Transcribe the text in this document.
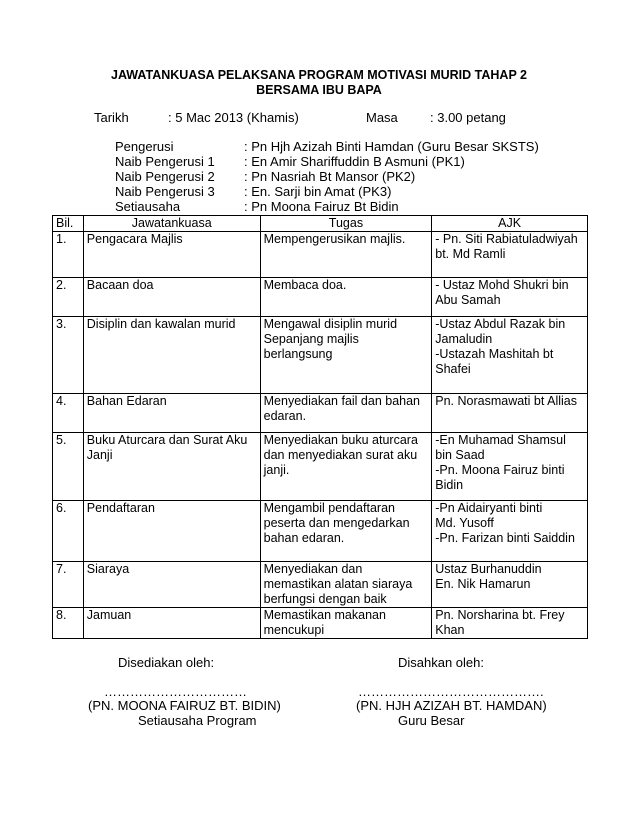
JAWATANKUASA PELAKSANA PROGRAM MOTIVASI MURID TAHAP 2
BERSAMA IBU BAPA
Tarikh	: 5 Mac 2013 (Khamis)	Masa : 3.00 petang
Pengerusi	: Pn Hjh Azizah Binti Hamdan (Guru Besar SKSTS)
Naib Pengerusi 1 : En Amir Shariffuddin B Asmuni (PK1)
Naib Pengerusi 2 : Pn Nasriah Bt Mansor (PK2)
Naib Pengerusi 3 : En. Sarji bin Amat (PK3)
Setiausaha	: Pn Moona Fairuz Bt Bidin
Bil.	Jawatankuasa	Tugas	AJK
1.	Pengacara Majlis	Mempengerusikan majlis.	- Pn. Siti Rabiatuladwiyah
bt. Md Ramli

2.	Bacaan doa	Membaca doa.	- Ustaz Mohd Shukri bin
Abu Samah

3.	Disiplin dan kawalan murid	Mengawal disiplin murid
Sepanjang majlis
berlangsung	-Ustaz Abdul Razak bin
Jamaludin
-Ustazah Mashitah bt
Shafei

4.	Bahan Edaran	Menyediakan fail dan bahan
edaran.	Pn. Norasmawati bt Allias

5.	Buku Aturcara dan Surat Aku
Janji	Menyediakan buku aturcara
dan menyediakan surat aku
janji.	-En Muhamad Shamsul
bin Saad
-Pn. Moona Fairuz binti
Bidin

6.	Pendaftaran	Mengambil pendaftaran
peserta dan mengedarkan
bahan edaran.	-Pn Aidairyanti binti
Md. Yusoff
-Pn. Farizan binti Saiddin

7.	Siaraya	Menyediakan dan
memastikan alatan siaraya
berfungsi dengan baik	Ustaz Burhanuddin
En. Nik Hamarun

8.	Jamuan	Memastikan makanan
mencukupi	Pn. Norsharina bt. Frey
Khan
Disediakan oleh:	Disahkan oleh:
……………………………	…………………………………….
(PN. MOONA FAIRUZ BT. BIDIN)	(PN. HJH AZIZAH BT. HAMDAN)
Setiausaha Program	Guru Besar
